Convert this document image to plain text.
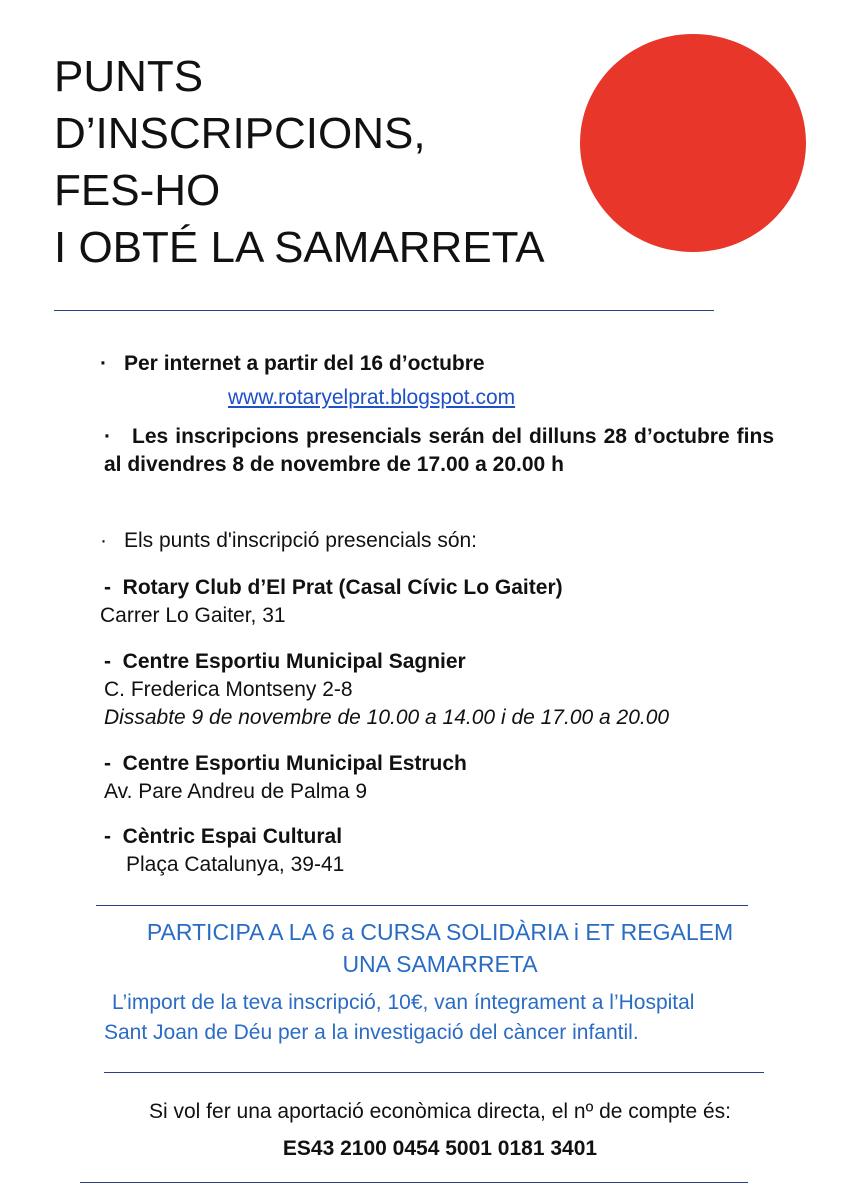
PUNTS
D’INSCRIPCIONS,
FES-HO
I OBTÉ LA SAMARRETA
· Per internet a partir del 16 d’octubre
www.rotaryelprat.blogspot.com
· Les inscripcions presencials serán del dilluns 28 d’octubre fins al divendres 8 de novembre de 17.00 a 20.00 h
· Els punts d'inscripció presencials són:
- Rotary Club d’El Prat (Casal Cívic Lo Gaiter)
Carrer Lo Gaiter, 31
- Centre Esportiu Municipal Sagnier
C. Frederica Montseny 2-8
Dissabte 9 de novembre de 10.00 a 14.00 i de 17.00 a 20.00
- Centre Esportiu Municipal Estruch
Av. Pare Andreu de Palma 9
- Cèntric Espai Cultural
Plaça Catalunya, 39-41
PARTICIPA A LA 6 a CURSA SOLIDÀRIA i ET REGALEM
UNA SAMARRETA
L’import de la teva inscripció, 10€, van íntegrament a l’Hospital
Sant Joan de Déu per a la investigació del càncer infantil.
Si vol fer una aportació econòmica directa, el nº de compte és:
ES43 2100 0454 5001 0181 3401
